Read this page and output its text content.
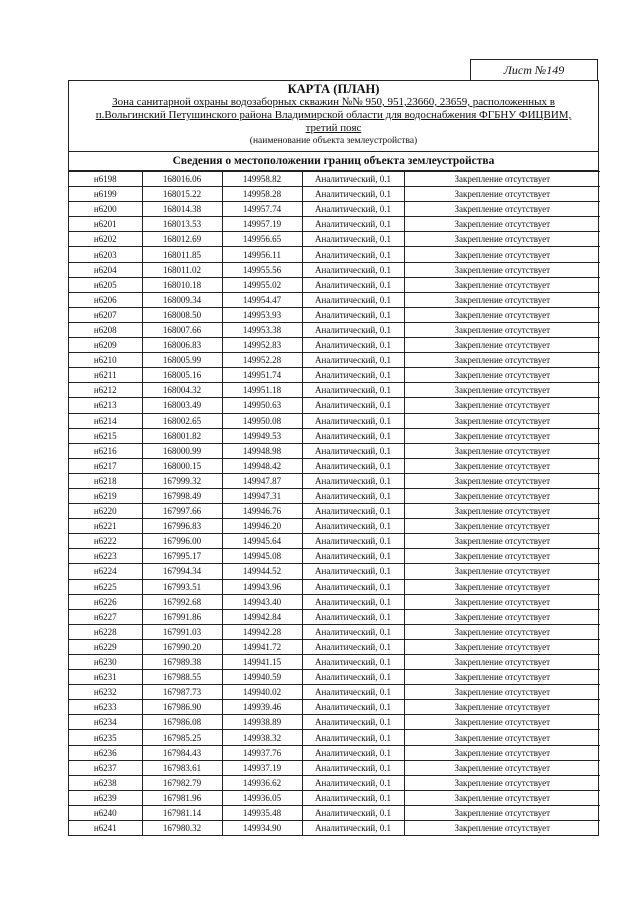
Лист №149
КАРТА (ПЛАН)
Зона санитарной охраны водозаборных скважин №№ 950, 951,23660, 23659, расположенных в
п.Вольгинский Петушинского района Владимирской области для водоснабжения ФГБНУ ФИЦВИМ,
третий пояс
(наименование объекта землеустройства)
Сведения о местоположении границ объекта землеустройства
н6198	168016.06	149958.82	Аналитический, 0.1	Закрепление отсутствует
н6199	168015.22	149958.28	Аналитический, 0.1	Закрепление отсутствует
н6200	168014.38	149957.74	Аналитический, 0.1	Закрепление отсутствует
н6201	168013.53	149957.19	Аналитический, 0.1	Закрепление отсутствует
н6202	168012.69	149956.65	Аналитический, 0.1	Закрепление отсутствует
н6203	168011.85	149956.11	Аналитический, 0.1	Закрепление отсутствует
н6204	168011.02	149955.56	Аналитический, 0.1	Закрепление отсутствует
н6205	168010.18	149955.02	Аналитический, 0.1	Закрепление отсутствует
н6206	168009.34	149954.47	Аналитический, 0.1	Закрепление отсутствует
н6207	168008.50	149953.93	Аналитический, 0.1	Закрепление отсутствует
н6208	168007.66	149953.38	Аналитический, 0.1	Закрепление отсутствует
н6209	168006.83	149952.83	Аналитический, 0.1	Закрепление отсутствует
н6210	168005.99	149952.28	Аналитический, 0.1	Закрепление отсутствует
н6211	168005.16	149951.74	Аналитический, 0.1	Закрепление отсутствует
н6212	168004.32	149951.18	Аналитический, 0.1	Закрепление отсутствует
н6213	168003.49	149950.63	Аналитический, 0.1	Закрепление отсутствует
н6214	168002.65	149950.08	Аналитический, 0.1	Закрепление отсутствует
н6215	168001.82	149949.53	Аналитический, 0.1	Закрепление отсутствует
н6216	168000.99	149948.98	Аналитический, 0.1	Закрепление отсутствует
н6217	168000.15	149948.42	Аналитический, 0.1	Закрепление отсутствует
н6218	167999.32	149947.87	Аналитический, 0.1	Закрепление отсутствует
н6219	167998.49	149947.31	Аналитический, 0.1	Закрепление отсутствует
н6220	167997.66	149946.76	Аналитический, 0.1	Закрепление отсутствует
н6221	167996.83	149946.20	Аналитический, 0.1	Закрепление отсутствует
н6222	167996.00	149945.64	Аналитический, 0.1	Закрепление отсутствует
н6223	167995.17	149945.08	Аналитический, 0.1	Закрепление отсутствует
н6224	167994.34	149944.52	Аналитический, 0.1	Закрепление отсутствует
н6225	167993.51	149943.96	Аналитический, 0.1	Закрепление отсутствует
н6226	167992.68	149943.40	Аналитический, 0.1	Закрепление отсутствует
н6227	167991.86	149942.84	Аналитический, 0.1	Закрепление отсутствует
н6228	167991.03	149942.28	Аналитический, 0.1	Закрепление отсутствует
н6229	167990.20	149941.72	Аналитический, 0.1	Закрепление отсутствует
н6230	167989.38	149941.15	Аналитический, 0.1	Закрепление отсутствует
н6231	167988.55	149940.59	Аналитический, 0.1	Закрепление отсутствует
н6232	167987.73	149940.02	Аналитический, 0.1	Закрепление отсутствует
н6233	167986.90	149939.46	Аналитический, 0.1	Закрепление отсутствует
н6234	167986.08	149938.89	Аналитический, 0.1	Закрепление отсутствует
н6235	167985.25	149938.32	Аналитический, 0.1	Закрепление отсутствует
н6236	167984.43	149937.76	Аналитический, 0.1	Закрепление отсутствует
н6237	167983.61	149937.19	Аналитический, 0.1	Закрепление отсутствует
н6238	167982.79	149936.62	Аналитический, 0.1	Закрепление отсутствует
н6239	167981.96	149936.05	Аналитический, 0.1	Закрепление отсутствует
н6240	167981.14	149935.48	Аналитический, 0.1	Закрепление отсутствует
н6241	167980.32	149934.90	Аналитический, 0.1	Закрепление отсутствует
